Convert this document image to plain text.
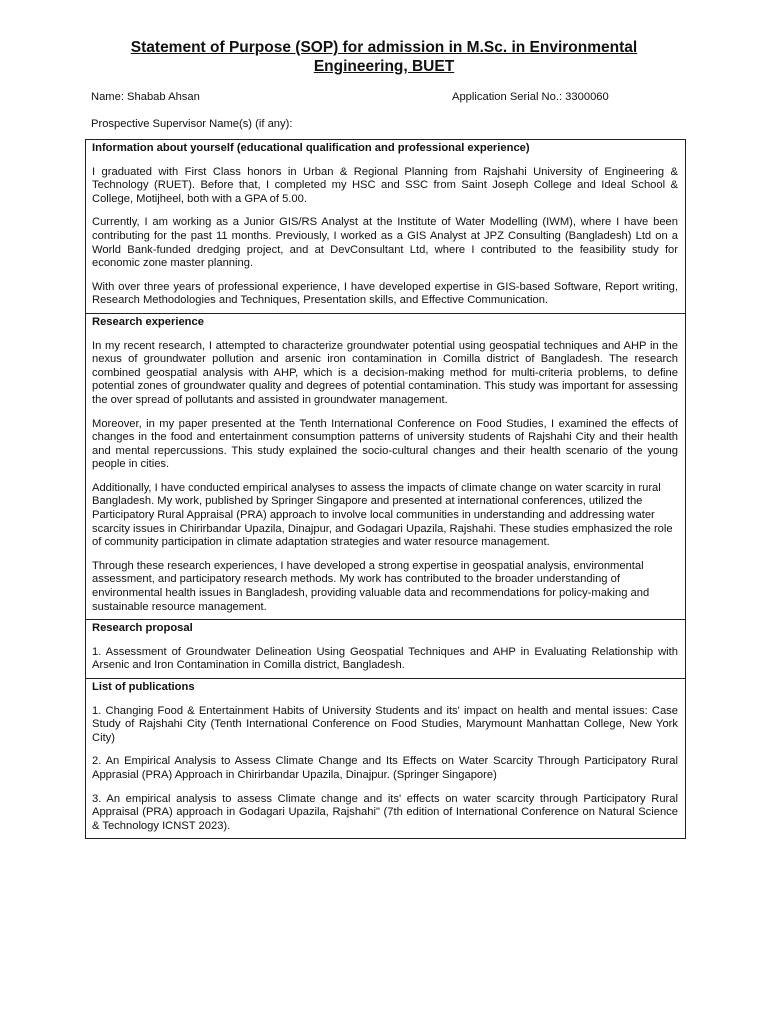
Statement of Purpose (SOP) for admission in M.Sc. in Environmental Engineering, BUET
Name: Shabab Ahsan	Application Serial No.: 3300060
Prospective Supervisor Name(s) (if any):
Information about yourself (educational qualification and professional experience)
I graduated with First Class honors in Urban & Regional Planning from Rajshahi University of Engineering & Technology (RUET). Before that, I completed my HSC and SSC from Saint Joseph College and Ideal School & College, Motijheel, both with a GPA of 5.00.
Currently, I am working as a Junior GIS/RS Analyst at the Institute of Water Modelling (IWM), where I have been contributing for the past 11 months. Previously, I worked as a GIS Analyst at JPZ Consulting (Bangladesh) Ltd on a World Bank-funded dredging project, and at DevConsultant Ltd, where I contributed to the feasibility study for economic zone master planning.
With over three years of professional experience, I have developed expertise in GIS-based Software, Report writing, Research Methodologies and Techniques, Presentation skills, and Effective Communication.

Research experience
In my recent research, I attempted to characterize groundwater potential using geospatial techniques and AHP in the nexus of groundwater pollution and arsenic iron contamination in Comilla district of Bangladesh. The research combined geospatial analysis with AHP, which is a decision-making method for multi-criteria problems, to define potential zones of groundwater quality and degrees of potential contamination. This study was important for assessing the over spread of pollutants and assisted in groundwater management.
Moreover, in my paper presented at the Tenth International Conference on Food Studies, I examined the effects of changes in the food and entertainment consumption patterns of university students of Rajshahi City and their health and mental repercussions. This study explained the socio-cultural changes and their health scenario of the young people in cities.
Additionally, I have conducted empirical analyses to assess the impacts of climate change on water scarcity in rural Bangladesh. My work, published by Springer Singapore and presented at international conferences, utilized the Participatory Rural Appraisal (PRA) approach to involve local communities in understanding and addressing water scarcity issues in Chirirbandar Upazila, Dinajpur, and Godagari Upazila, Rajshahi. These studies emphasized the role of community participation in climate adaptation strategies and water resource management.
Through these research experiences, I have developed a strong expertise in geospatial analysis, environmental assessment, and participatory research methods. My work has contributed to the broader understanding of environmental health issues in Bangladesh, providing valuable data and recommendations for policy-making and sustainable resource management.

Research proposal
1. Assessment of Groundwater Delineation Using Geospatial Techniques and AHP in Evaluating Relationship with Arsenic and Iron Contamination in Comilla district, Bangladesh.

List of publications
1. Changing Food & Entertainment Habits of University Students and its' impact on health and mental issues: Case Study of Rajshahi City (Tenth International Conference on Food Studies, Marymount Manhattan College, New York City)
2. An Empirical Analysis to Assess Climate Change and Its Effects on Water Scarcity Through Participatory Rural Apprasial (PRA) Approach in Chirirbandar Upazila, Dinajpur. (Springer Singapore)
3. An empirical analysis to assess Climate change and its' effects on water scarcity through Participatory Rural Appraisal (PRA) approach in Godagari Upazila, Rajshahi" (7th edition of International Conference on Natural Science & Technology ICNST 2023).
